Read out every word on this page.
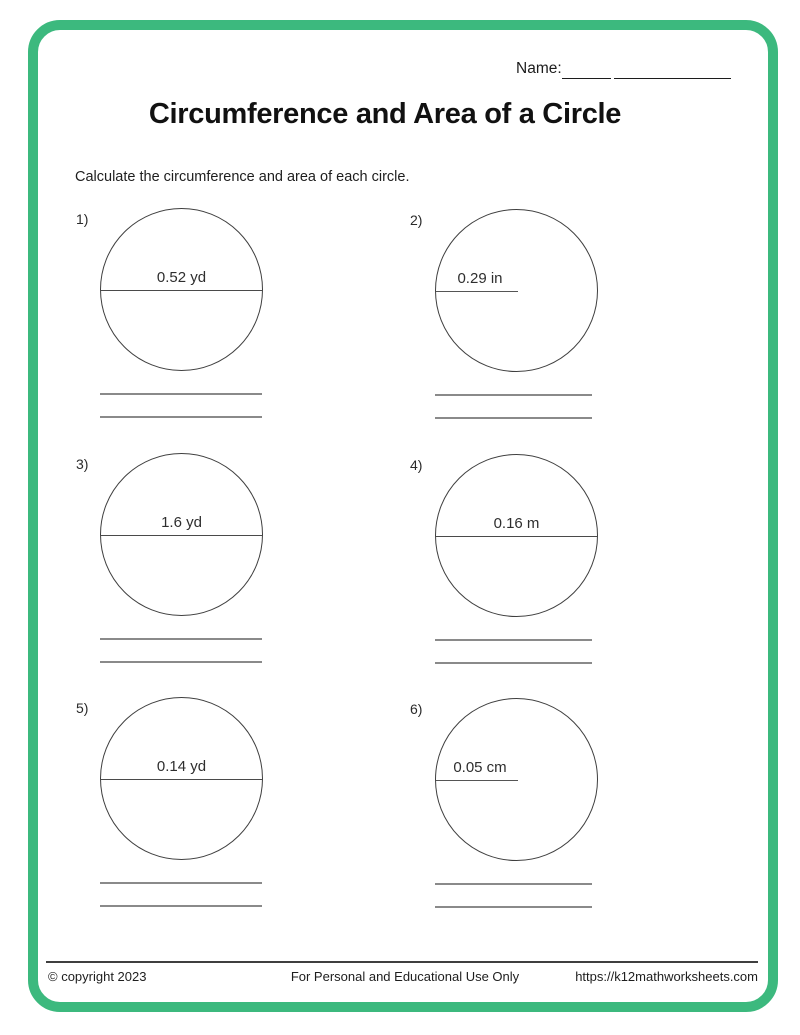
Name:
Circumference and Area of a Circle
Calculate the circumference and area of each circle.
1)
0.52 yd
2)
0.29 in
3)
1.6 yd
4)
0.16 m
5)
0.14 yd
6)
0.05 cm
© copyright 2023	For Personal and Educational Use Only	https://k12mathworksheets.com
